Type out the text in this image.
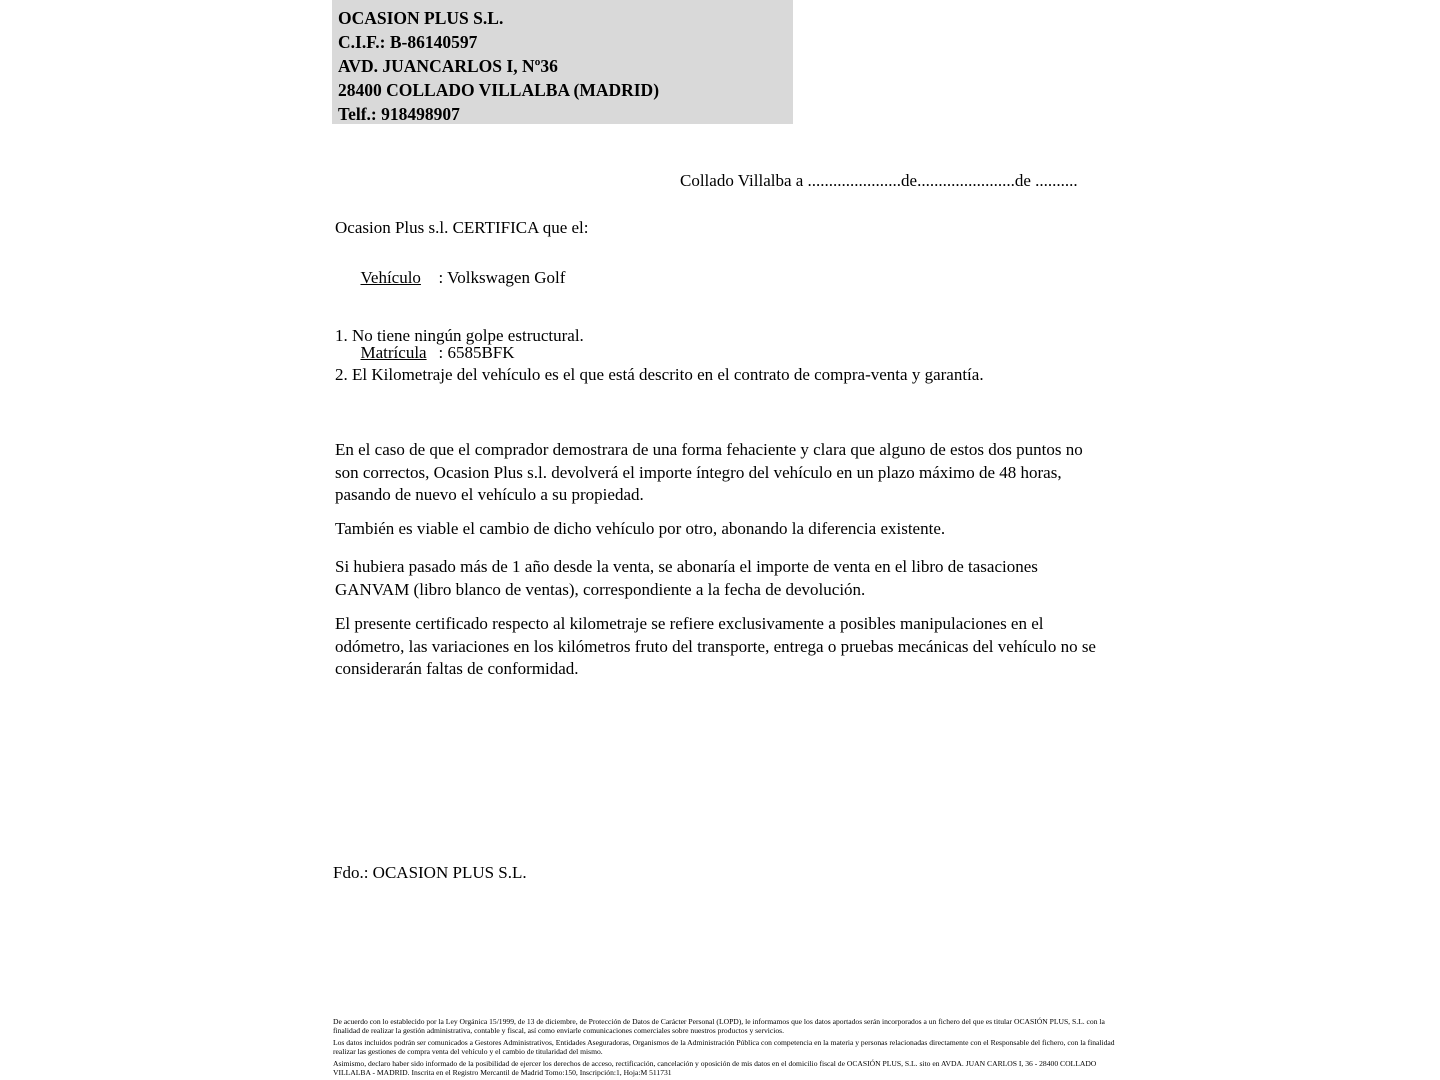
OCASION PLUS S.L.
C.I.F.: B-86140597
AVD. JUANCARLOS I, Nº36
28400 COLLADO VILLALBA (MADRID)
Telf.: 918498907
Collado Villalba a ......................de.......................de ..........
Ocasion Plus s.l. CERTIFICA que el:

Vehículo : Volkswagen Golf

Matrícula : 6585BFK

1. No tiene ningún golpe estructural.
2. El Kilometraje del vehículo es el que está descrito en el contrato de compra-venta y garantía.
En el caso de que el comprador demostrara de una forma fehaciente y clara que alguno de estos dos puntos no son correctos, Ocasion Plus s.l. devolverá el importe íntegro del vehículo en un plazo máximo de 48 horas, pasando de nuevo el vehículo a su propiedad.
También es viable el cambio de dicho vehículo por otro, abonando la diferencia existente.
Si hubiera pasado más de 1 año desde la venta, se abonaría el importe de venta en el libro de tasaciones GANVAM (libro blanco de ventas), correspondiente a la fecha de devolución.
El presente certificado respecto al kilometraje se refiere exclusivamente a posibles manipulaciones en el odómetro, las variaciones en los kilómetros fruto del transporte, entrega o pruebas mecánicas del vehículo no se considerarán faltas de conformidad.
Fdo.: OCASION PLUS S.L.

De acuerdo con lo establecido por la Ley Orgánica 15/1999, de 13 de diciembre, de Protección de Datos de Carácter Personal (LOPD), le informamos que los datos aportados serán incorporados a un fichero del que es titular OCASIÓN PLUS, S.L. con la finalidad de realizar la gestión administrativa, contable y fiscal, así como enviarle comunicaciones comerciales sobre nuestros productos y servicios.

Los datos incluidos podrán ser comunicados a Gestores Administrativos, Entidades Aseguradoras, Organismos de la Administración Pública con competencia en la materia y personas relacionadas directamente con el Responsable del fichero, con la finalidad realizar las gestiones de compra venta del vehículo y el cambio de titularidad del mismo.

Asimismo, declaro haber sido informado de la posibilidad de ejercer los derechos de acceso, rectificación, cancelación y oposición de mis datos en el domicilio fiscal de OCASIÓN PLUS, S.L. sito en AVDA. JUAN CARLOS I, 36 - 28400 COLLADO VILLALBA - MADRID. Inscrita en el Registro Mercantil de Madrid Tomo:150, Inscripción:1, Hoja:M 511731
